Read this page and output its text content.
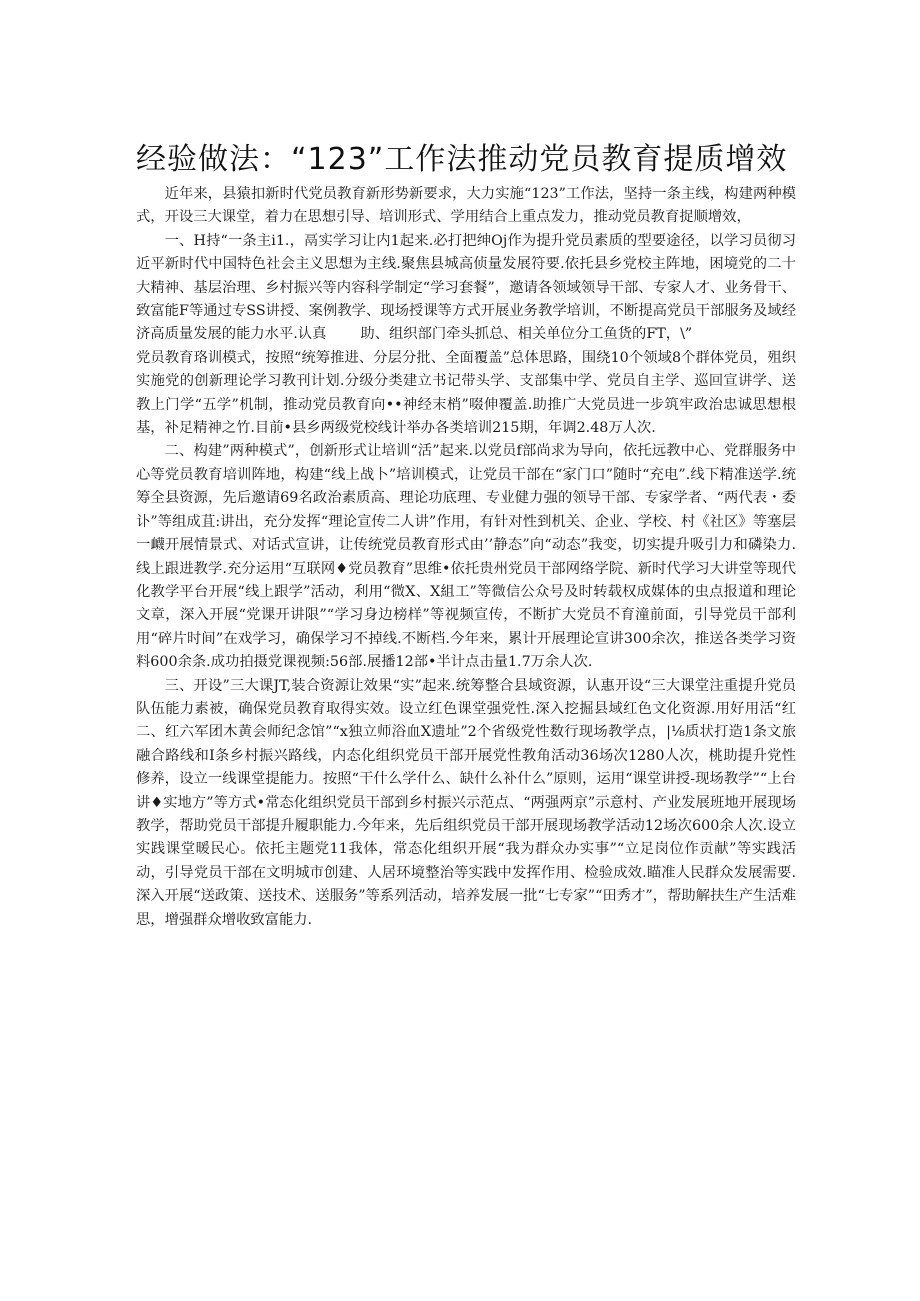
经验做法：“123”工作法推动党员教育提质增效

近年来，县猿扣新时代党员教育新形势新要求，大力实施“123”工作法，坚持一条主线，构建两种模式，开设三大课堂，着力在思想引导、培训形式、学用结合上重点发力，推动党员教育捉顺增效，

一、H持“一条主i1.，鬲实学习让内1起来.必打把绅Oj作为提升党员素质的型要途径，以学习员彻习近平新时代中国特色社会主义思想为主线.聚焦县城高侦量发展符要.依托县乡党校主阵地，困境党的二十大精神、基层治理、乡村振兴等内容科学制定“学习套餐”，邀请各领域领导干部、专家人才、业务骨干、致富能F等通过专SS讲授、案例教学、现场授课等方式开展业务教学培训，不断提高党员干部服务及域经济高质量发展的能力水平.认真 助、组织部门牵头抓总、相关单位分工鱼货的FT，\”

党员教育珞训模式，按照“统筹推进、分层分批、全面覆盖”总体思路，围绕10个领域8个群体党员，殂织实施党的创新理论学习教刊计划.分级分类建立书记带头学、支部集中学、党员自主学、巡回宣讲学、送教上门学“五学”机制，推动党员教育向••神经末梢”啜伸覆盖.助推广大党员进一步筑牢政治忠诚思想根基，补足精神之竹.目前•县乡两级党校线计举办各类培训215期，年调2.48万人次.

二、构建”两种模式”，创新形式让培训“活”起来.以党员f部尚求为导向，依托远教中心、党群服务中心等党员教育培训阵地，构建“线上战卜”培训模式，让党员干部在“家门口”随时“充电”.线下精准送学.统筹全县资源，先后邀请69名政治素质高、理论功底理、专业健力强的领导干部、专家学者、“两代表・委讣”等组成苴:讲出，充分发挥“理论宣传二人讲”作用，有针对性到机关、企业、学校、村《社区》等塞层一衊开展情景式、对话式宣讲，让传统党员教育形式由’’静态”向“动态”我变，切实提升吸引力和磷染力.线上跟进教学.充分运用“互联网♦党员教育”思维•依托贵州党员干部网络学院、新时代学习大讲堂等现代化教学平台开展“线上跟学”活动，利用“微X、X組工”等微信公众号及时转载权成媒体的虫点报道和理论文章，深入开展“党课开讲限”“学习身边榜样”等视频宣传，不断扩大党员不育潼前面，引导党员干部利用“碎片时间”在戏学习，确保学习不掉线.不断档.今年来，累计开展理论宣讲300余次，推送各类学习资料600余条.成功拍摄党课视频:56部.展播12部•半计点击量1.7万余人次.

三、开设”三大课JT,装合资源让效果“实”起来.统筹整合县域资源，认惠开设“三大课堂注重提升党员队伍能力素被，确保党员教育取得实效。设立红色课堂强党性.深入挖掘县域红色文化资源.用好用活“红二、红六军团木黄会师纪念馆”“x独立师浴血X遗址”2个省级党性数行现场教学点，|⅛质状打造1条文旅融合路线和I条乡村振兴路线，内态化组织党员干部开展党性教角活动36场次1280人次，桃助提升党性修养，设立一线课堂提能力。按照“干什么学什么、缺什么补什么”原则，运用“课堂讲授-现场教学”“上台讲♦实地方”等方式•常态化组织党员干部到乡村振兴示范点、“两强两京”示意村、产业发展班地开展现场教学，帮助党员干部提升履职能力.今年来，先后组织党员干部开展现场教学活动12场次600余人次.设立实践课堂暖民心。依托主题党11我体，常态化组织开展“我为群众办实事”“立足岗位作贡献”等实践活动，引导党员干部在文明城市创建、人居环境整治等实践中发挥作用、检验成效.瞄准人民群众发展需要.深入开展“送政策、送技术、送服务”等系列活动，培养发展一批“七专家”“田秀才”，帮助解扶生产生活难思，增强群众增收致富能力.
